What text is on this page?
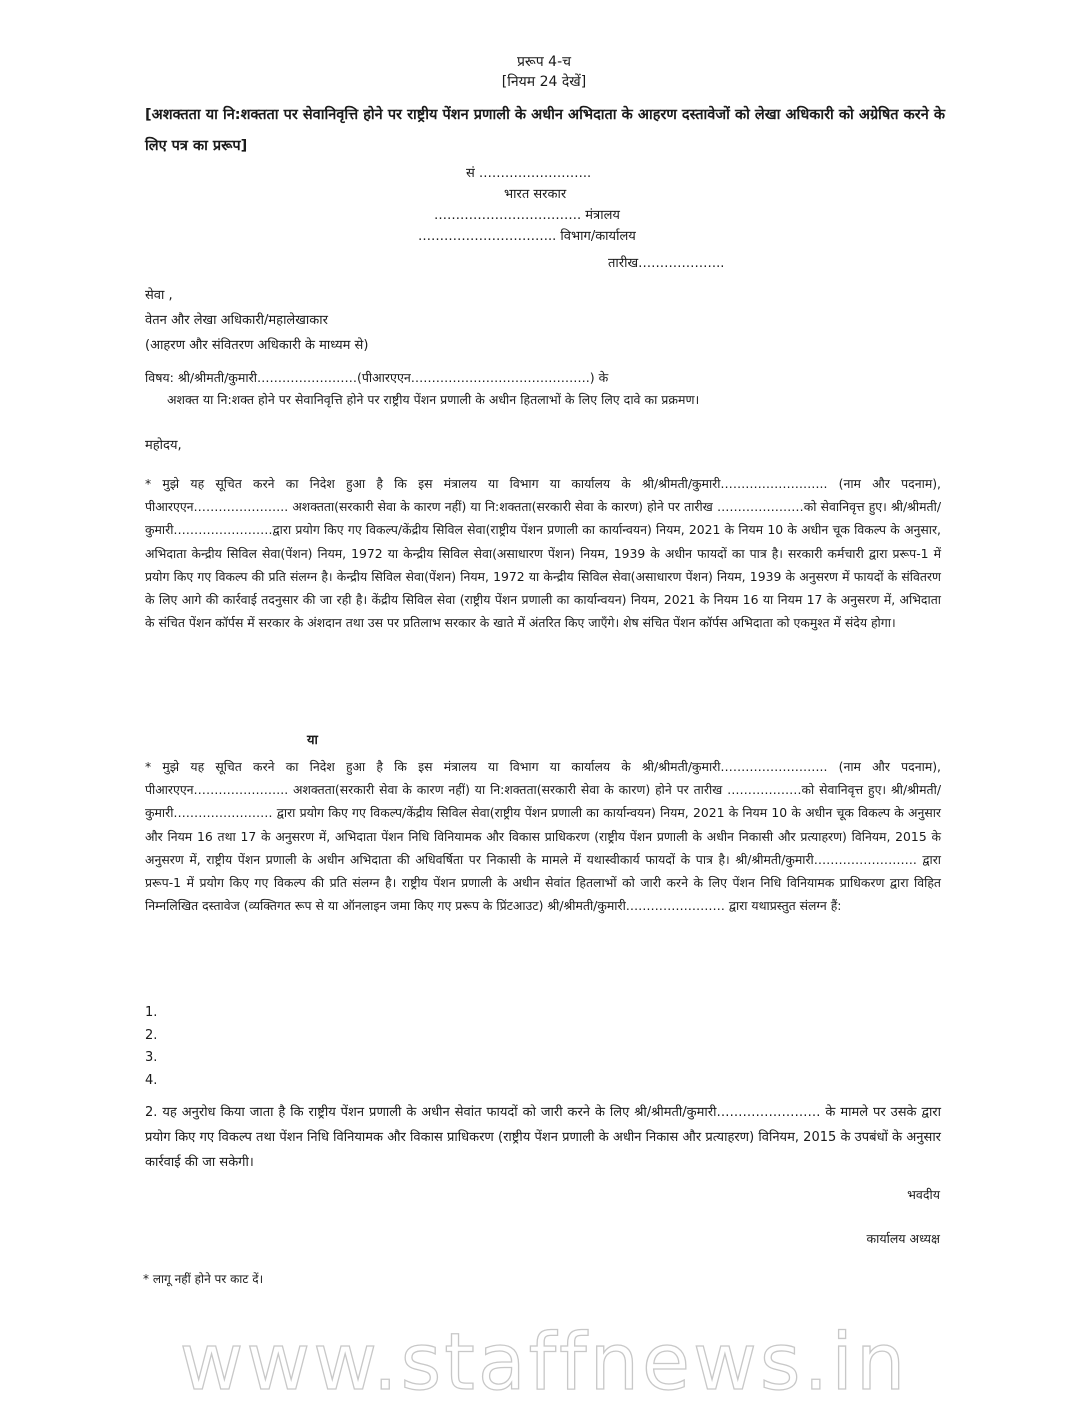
प्ररूप 4-च
[नियम 24 देखें]
[अशक्तता या नि:शक्तता पर सेवानिवृत्ति होने पर राष्ट्रीय पेंशन प्रणाली के अधीन अभिदाता के आहरण दस्तावेजों को लेखा अधिकारी को अग्रेषित करने के लिए पत्र का प्ररूप]
सं ……………………..
भारत सरकार
……………………………. मंत्रालय
………………………….. विभाग/कार्यालय
तारीख………………..
सेवा ,
वेतन और लेखा अधिकारी/महालेखाकार
(आहरण और संवितरण अधिकारी के माध्यम से)
विषय: श्री/श्रीमती/कुमारी……………………(पीआरएएन…………………………………….) के
अशक्त या नि:शक्त होने पर सेवानिवृत्ति होने पर राष्ट्रीय पेंशन प्रणाली के अधीन हितलाभों के लिए लिए दावे का प्रक्रमण।
महोदय,
* मुझे यह सूचित करने का निदेश हुआ है कि इस मंत्रालय या विभाग या कार्यालय के श्री/श्रीमती/कुमारी…………………….. (नाम और पदनाम), पीआरएएन………………….. अशक्तता(सरकारी सेवा के कारण नहीं) या नि:शक्तता(सरकारी सेवा के कारण) होने पर तारीख …………………को सेवानिवृत्त हुए। श्री/श्रीमती/कुमारी……………………द्वारा प्रयोग किए गए विकल्प/केंद्रीय सिविल सेवा(राष्ट्रीय पेंशन प्रणाली का कार्यान्वयन) नियम, 2021 के नियम 10 के अधीन चूक विकल्प के अनुसार, अभिदाता केन्द्रीय सिविल सेवा(पेंशन) नियम, 1972 या केन्द्रीय सिविल सेवा(असाधारण पेंशन) नियम, 1939 के अधीन फायदों का पात्र है। सरकारी कर्मचारी द्वारा प्ररूप-1 में प्रयोग किए गए विकल्प की प्रति संलग्न है। केन्द्रीय सिविल सेवा(पेंशन) नियम, 1972 या केन्द्रीय सिविल सेवा(असाधारण पेंशन) नियम, 1939 के अनुसरण में फायदों के संवितरण के लिए आगे की कार्रवाई तदनुसार की जा रही है। केंद्रीय सिविल सेवा (राष्ट्रीय पेंशन प्रणाली का कार्यान्वयन) नियम, 2021 के नियम 16 या नियम 17 के अनुसरण में, अभिदाता के संचित पेंशन कॉर्पस में सरकार के अंशदान तथा उस पर प्रतिलाभ सरकार के खाते में अंतरित किए जाएँगे। शेष संचित पेंशन कॉर्पस अभिदाता को एकमुश्त में संदेय होगा।
या
* मुझे यह सूचित करने का निदेश हुआ है कि इस मंत्रालय या विभाग या कार्यालय के श्री/श्रीमती/कुमारी…………………….. (नाम और पदनाम), पीआरएएन………………….. अशक्तता(सरकारी सेवा के कारण नहीं) या नि:शक्तता(सरकारी सेवा के कारण) होने पर तारीख ………………को सेवानिवृत्त हुए। श्री/श्रीमती/कुमारी…………………… द्वारा प्रयोग किए गए विकल्प/केंद्रीय सिविल सेवा(राष्ट्रीय पेंशन प्रणाली का कार्यान्वयन) नियम, 2021 के नियम 10 के अधीन चूक विकल्प के अनुसार और नियम 16 तथा 17 के अनुसरण में, अभिदाता पेंशन निधि विनियामक और विकास प्राधिकरण (राष्ट्रीय पेंशन प्रणाली के अधीन निकासी और प्रत्याहरण) विनियम, 2015 के अनुसरण में, राष्ट्रीय पेंशन प्रणाली के अधीन अभिदाता की अधिवर्षिता पर निकासी के मामले में यथास्वीकार्य फायदों के पात्र है। श्री/श्रीमती/कुमारी……………………. द्वारा प्ररूप-1 में प्रयोग किए गए विकल्प की प्रति संलग्न है। राष्ट्रीय पेंशन प्रणाली के अधीन सेवांत हितलाभों को जारी करने के लिए पेंशन निधि विनियामक प्राधिकरण द्वारा विहित निम्नलिखित दस्तावेज (व्यक्तिगत रूप से या ऑनलाइन जमा किए गए प्ररूप के प्रिंटआउट) श्री/श्रीमती/कुमारी…………………… द्वारा यथाप्रस्तुत संलग्न हैं:
1.
2.
3.
4.
2. यह अनुरोध किया जाता है कि राष्ट्रीय पेंशन प्रणाली के अधीन सेवांत फायदों को जारी करने के लिए श्री/श्रीमती/कुमारी…………………… के मामले पर उसके द्वारा प्रयोग किए गए विकल्प तथा पेंशन निधि विनियामक और विकास प्राधिकरण (राष्ट्रीय पेंशन प्रणाली के अधीन निकास और प्रत्याहरण) विनियम, 2015 के उपबंधों के अनुसार कार्रवाई की जा सकेगी।
भवदीय
कार्यालय अध्यक्ष
* लागू नहीं होने पर काट दें।
www.staffnews.in
